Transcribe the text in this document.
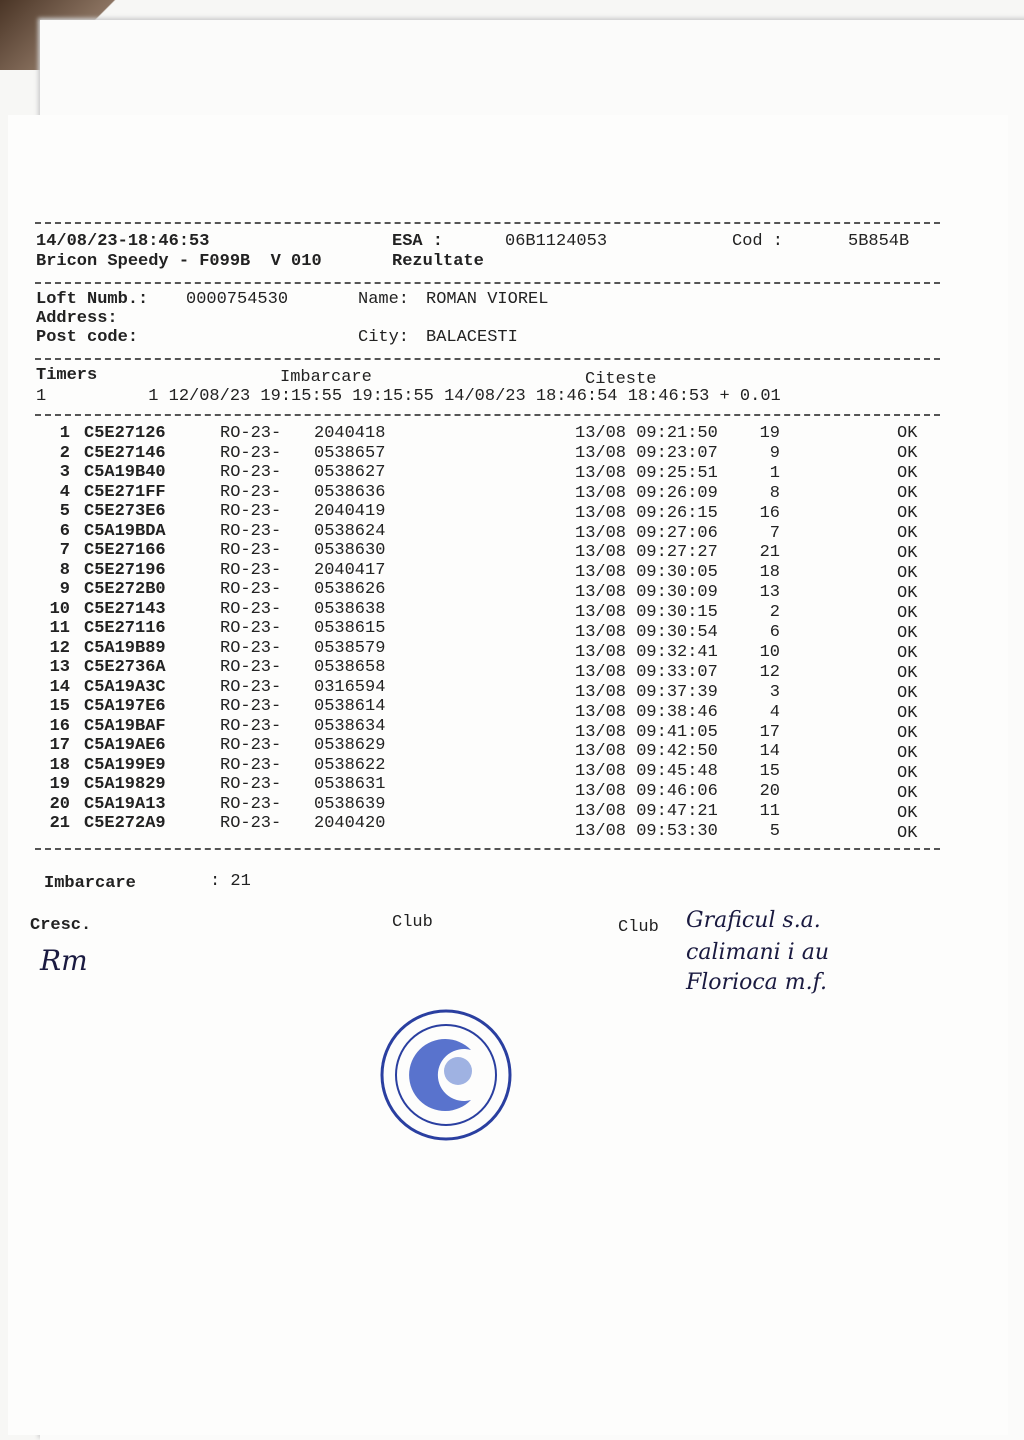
14/08/23-18:46:53	ESA :	06B1124053	Cod :	5B854B
Bricon Speedy - F099B  V 010	Rezultate
Loft Numb.: 0000754530	Name: ROMAN VIOREL
Address:
Post code:	City: BALACESTI
Timers	Imbarcare	Citeste
1          1 12/08/23 19:15:55 19:15:55 14/08/23 18:46:54 18:46:53 + 0.01
1 C5E27126	RO-23- 2040418	13/08 09:21:50	19	OK
2 C5E27146	RO-23- 0538657	13/08 09:23:07	9	OK
3 C5A19B40	RO-23- 0538627	13/08 09:25:51	1	OK
4 C5E271FF	RO-23- 0538636	13/08 09:26:09	8	OK
5 C5E273E6	RO-23- 2040419	13/08 09:26:15	16	OK
6 C5A19BDA	RO-23- 0538624	13/08 09:27:06	7	OK
7 C5E27166	RO-23- 0538630	13/08 09:27:27	21	OK
8 C5E27196	RO-23- 2040417	13/08 09:30:05	18	OK
9 C5E272B0	RO-23- 0538626	13/08 09:30:09	13	OK
10 C5E27143	RO-23- 0538638	13/08 09:30:15	2	OK
11 C5E27116	RO-23- 0538615	13/08 09:30:54	6	OK
12 C5A19B89	RO-23- 0538579	13/08 09:32:41	10	OK
13 C5E2736A	RO-23- 0538658	13/08 09:33:07	12	OK
14 C5A19A3C	RO-23- 0316594	13/08 09:37:39	3	OK
15 C5A197E6	RO-23- 0538614	13/08 09:38:46	4	OK
16 C5A19BAF	RO-23- 0538634	13/08 09:41:05	17	OK
17 C5A19AE6	RO-23- 0538629	13/08 09:42:50	14	OK
18 C5A199E9	RO-23- 0538622	13/08 09:45:48	15	OK
19 C5A19829	RO-23- 0538631	13/08 09:46:06	20	OK
20 C5A19A13	RO-23- 0538639	13/08 09:47:21	11	OK
21 C5E272A9	RO-23- 2040420	13/08 09:53:30	5	OK
Imbarcare	: 21
Cresc.	Club	Club
Rm
Graficul s.a.
calimani i au
Florioca m.f.
